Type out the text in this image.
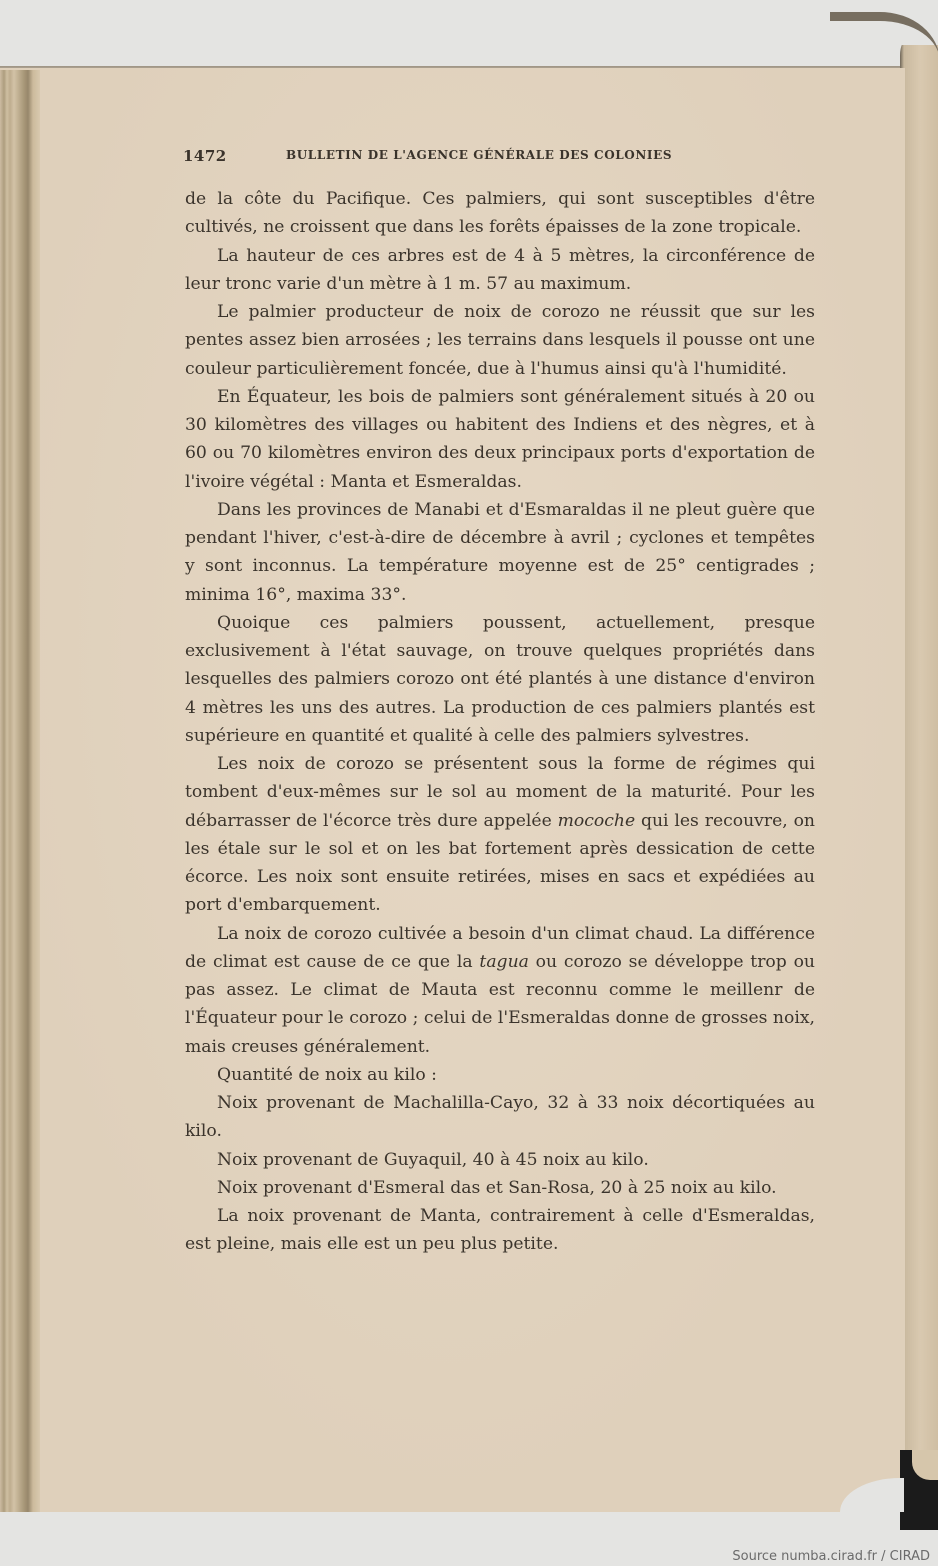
1472	BULLETIN DE L'AGENCE GÉNÉRALE DES COLONIES

de la côte du Pacifique. Ces palmiers, qui sont susceptibles d'être cultivés, ne croissent que dans les forêts épaisses de la zone tropicale.

La hauteur de ces arbres est de 4 à 5 mètres, la circonférence de leur tronc varie d'un mètre à 1 m. 57 au maximum.

Le palmier producteur de noix de corozo ne réussit que sur les pentes assez bien arrosées ; les terrains dans lesquels il pousse ont une couleur particulièrement foncée, due à l'humus ainsi qu'à l'humidité.

En Équateur, les bois de palmiers sont généralement situés à 20 ou 30 kilomètres des villages ou habitent des Indiens et des nègres, et à 60 ou 70 kilomètres environ des deux principaux ports d'exportation de l'ivoire végétal : Manta et Esmeraldas.

Dans les provinces de Manabi et d'Esmaraldas il ne pleut guère que pendant l'hiver, c'est-à-dire de décembre à avril ; cyclones et tempêtes y sont inconnus. La température moyenne est de 25° centigrades ; minima 16°, maxima 33°.

Quoique ces palmiers poussent, actuellement, presque exclusivement à l'état sauvage, on trouve quelques propriétés dans lesquelles des palmiers corozo ont été plantés à une distance d'environ 4 mètres les uns des autres. La production de ces palmiers plantés est supérieure en quantité et qualité à celle des palmiers sylvestres.

Les noix de corozo se présentent sous la forme de régimes qui tombent d'eux-mêmes sur le sol au moment de la maturité. Pour les débarrasser de l'écorce très dure appelée mocoche qui les recouvre, on les étale sur le sol et on les bat fortement après dessication de cette écorce. Les noix sont ensuite retirées, mises en sacs et expédiées au port d'embarquement.

La noix de corozo cultivée a besoin d'un climat chaud. La différence de climat est cause de ce que la tagua ou corozo se développe trop ou pas assez. Le climat de Mauta est reconnu comme le meillenr de l'Équateur pour le corozo ; celui de l'Esmeraldas donne de grosses noix, mais creuses généralement.

Quantité de noix au kilo :

Noix provenant de Machalilla-Cayo, 32 à 33 noix décortiquées au kilo.

Noix provenant de Guyaquil, 40 à 45 noix au kilo.

Noix provenant d'Esmeral das et San-Rosa, 20 à 25 noix au kilo.

La noix provenant de Manta, contrairement à celle d'Esmeraldas, est pleine, mais elle est un peu plus petite.

Source numba.cirad.fr / CIRAD
